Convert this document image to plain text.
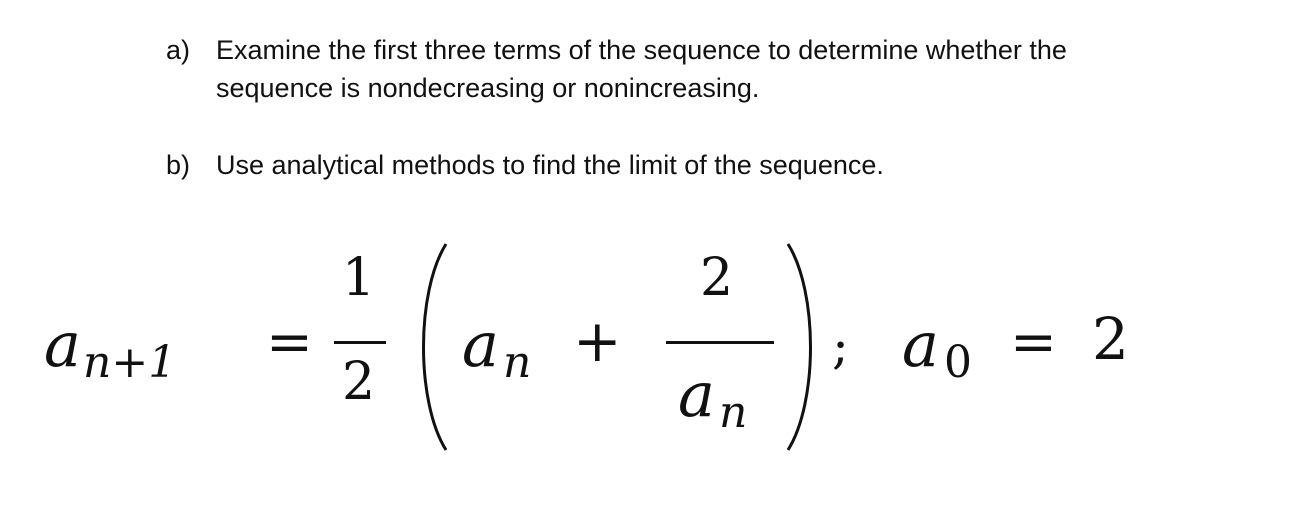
a) Examine the first three terms of the sequence to determine whether the sequence is nondecreasing or nonincreasing.
b) Use analytical methods to find the limit of the sequence.
a n+1 =
1
2
a n +
2
a n
; a 0 = 2
